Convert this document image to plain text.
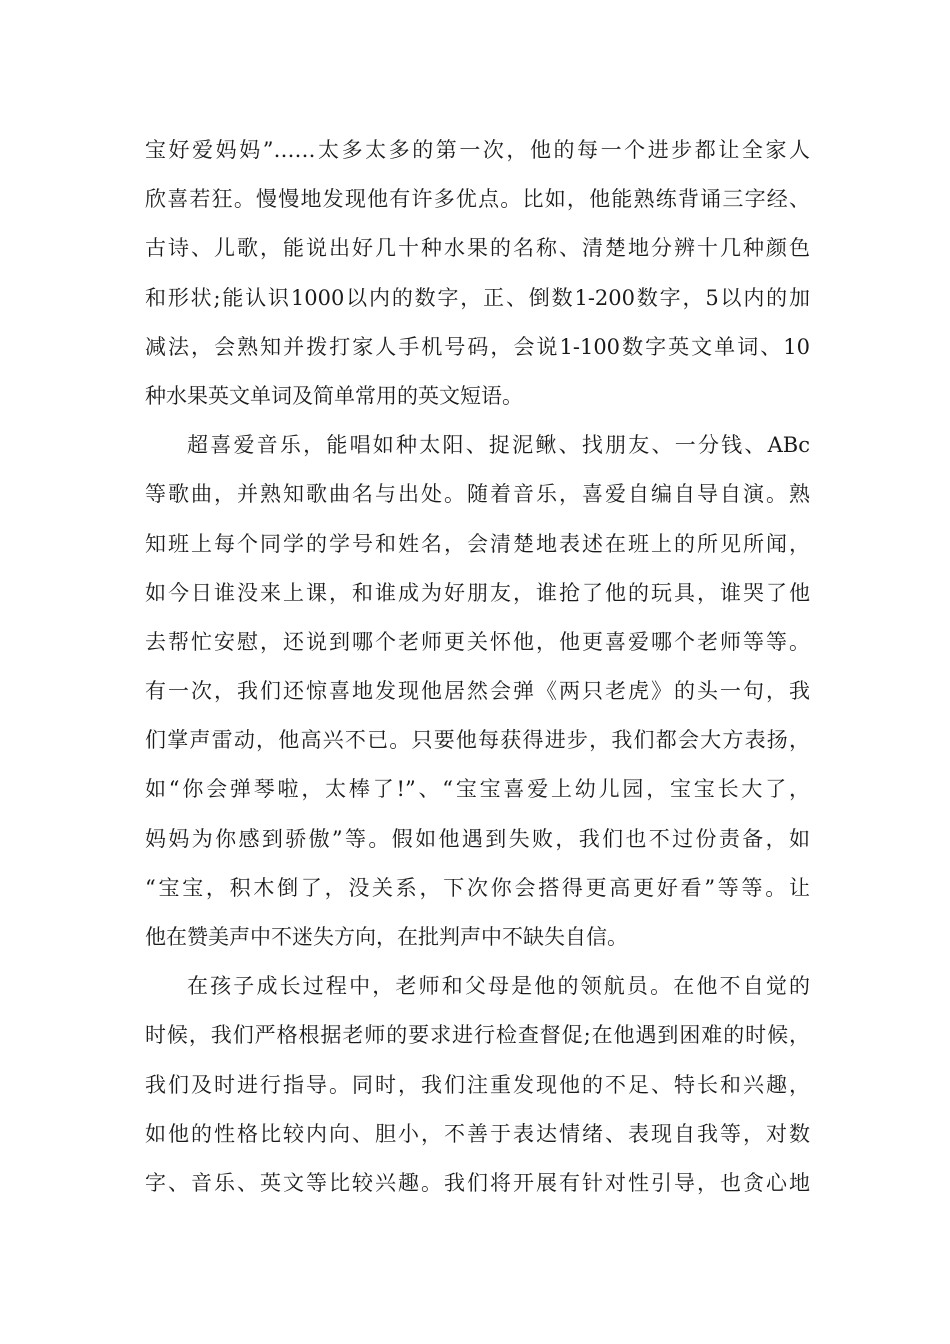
宝好爱妈妈”……太多太多的第一次，他的每一个进步都让全家人
欣喜若狂。慢慢地发现他有许多优点。比如，他能熟练背诵三字经、
古诗、儿歌，能说出好几十种水果的名称、清楚地分辨十几种颜色
和形状;能认识1000以内的数字，正、倒数1-200数字，5以内的加
减法，会熟知并拨打家人手机号码，会说1-100数字英文单词、10
种水果英文单词及简单常用的英文短语。
超喜爱音乐，能唱如种太阳、捉泥鳅、找朋友、一分钱、ABc
等歌曲，并熟知歌曲名与出处。随着音乐，喜爱自编自导自演。熟
知班上每个同学的学号和姓名，会清楚地表述在班上的所见所闻，
如今日谁没来上课，和谁成为好朋友，谁抢了他的玩具，谁哭了他
去帮忙安慰，还说到哪个老师更关怀他，他更喜爱哪个老师等等。
有一次，我们还惊喜地发现他居然会弹《两只老虎》的头一句，我
们掌声雷动，他高兴不已。只要他每获得进步，我们都会大方表扬，
如“你会弹琴啦，太棒了!”、“宝宝喜爱上幼儿园，宝宝长大了，
妈妈为你感到骄傲”等。假如他遇到失败，我们也不过份责备，如
“宝宝，积木倒了，没关系，下次你会搭得更高更好看”等等。让
他在赞美声中不迷失方向，在批判声中不缺失自信。
在孩子成长过程中，老师和父母是他的领航员。在他不自觉的
时候，我们严格根据老师的要求进行检查督促;在他遇到困难的时候，
我们及时进行指导。同时，我们注重发现他的不足、特长和兴趣，
如他的性格比较内向、胆小，不善于表达情绪、表现自我等，对数
字、音乐、英文等比较兴趣。我们将开展有针对性引导，也贪心地
